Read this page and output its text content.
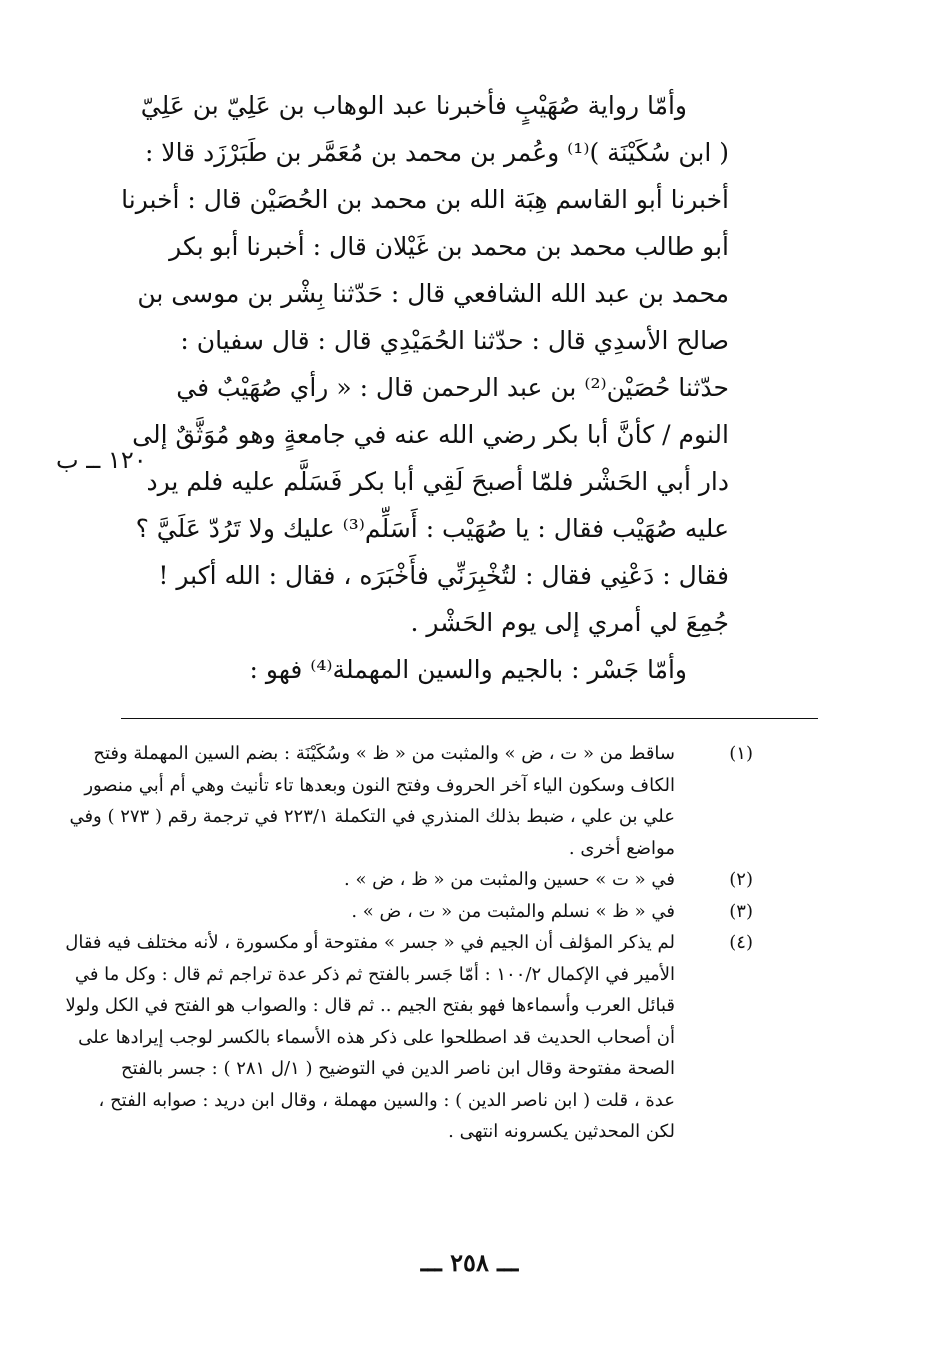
وأمّا رواية صُهَيْبٍ فأخبرنا عبد الوهاب بن عَلِيّ بن عَلِيّ
( ابن سُكَيْنَة )⁽¹⁾ وعُمر بن محمد بن مُعَمَّر بن طَبَرْزَد قالا :
أخبرنا أبو القاسم هِبَة الله بن محمد بن الحُصَيْن قال : أخبرنا
أبو طالب محمد بن محمد بن غَيْلان قال : أخبرنا أبو بكر
محمد بن عبد الله الشافعي قال : حَدّثنا بِشْر بن موسى بن
صالح الأسدِي قال : حدّثنا الحُمَيْدِي قال : قال سفيان :
حدّثنا حُصَيْن⁽²⁾ بن عبد الرحمن قال : « رأي صُهَيْبٌ في
النوم / كأنَّ أبا بكر رضي الله عنه في جامعةٍ وهو مُوَثَّقٌ إلى
دار أبي الحَشْر فلمّا أصبحَ لَقِي أبا بكر فَسَلَّم عليه فلم يرد
عليه صُهَيْب فقال : يا صُهَيْب : أَسَلِّم⁽³⁾ عليك ولا تَرُدّ عَلَيَّ ؟
فقال : دَعْنِي فقال : لتُخْبِرَنِّي فأَخْبَرَه ، فقال : الله أكبر !
جُمِعَ لي أمري إلى يوم الحَشْر .
وأمّا جَسْر : بالجيم والسين المهملة⁽⁴⁾ فهو :
١٢٠ ــ ب
(١)
ساقط من « ت ، ض » والمثبت من « ظ » وسُكَيْنَة : بضم السين المهملة وفتح
الكاف وسكون الياء آخر الحروف وفتح النون وبعدها تاء تأنيث وهي أم أبي منصور
علي بن علي ، ضبط بذلك المنذري في التكملة ٢٢٣/١ في ترجمة رقم ( ٢٧٣ ) وفي
مواضع أخرى .
(٢)
في « ت » حسين والمثبت من « ظ ، ض » .
(٣)
في « ظ » نسلم والمثبت من « ت ، ض » .
(٤)
لم يذكر المؤلف أن الجيم في « جسر » مفتوحة أو مكسورة ، لأنه مختلف فيه فقال
الأمير في الإكمال ١٠٠/٢ : أمّا جَسر بالفتح ثم ذكر عدة تراجم ثم قال : وكل ما في
قبائل العرب وأسماءها فهو بفتح الجيم .. ثم قال : والصواب هو الفتح في الكل ولولا
أن أصحاب الحديث قد اصطلحوا على ذكر هذه الأسماء بالكسر لوجب إيرادها على
الصحة مفتوحة وقال ابن ناصر الدين في التوضيح ( ١/ل ٢٨١ ) : جسر بالفتح
عدة ، قلت ( ابن ناصر الدين ) : والسين مهملة ، وقال ابن دريد : صوابه الفتح ،
لكن المحدثين يكسرونه انتهى .
ـــ ٢٥٨ ـــ
